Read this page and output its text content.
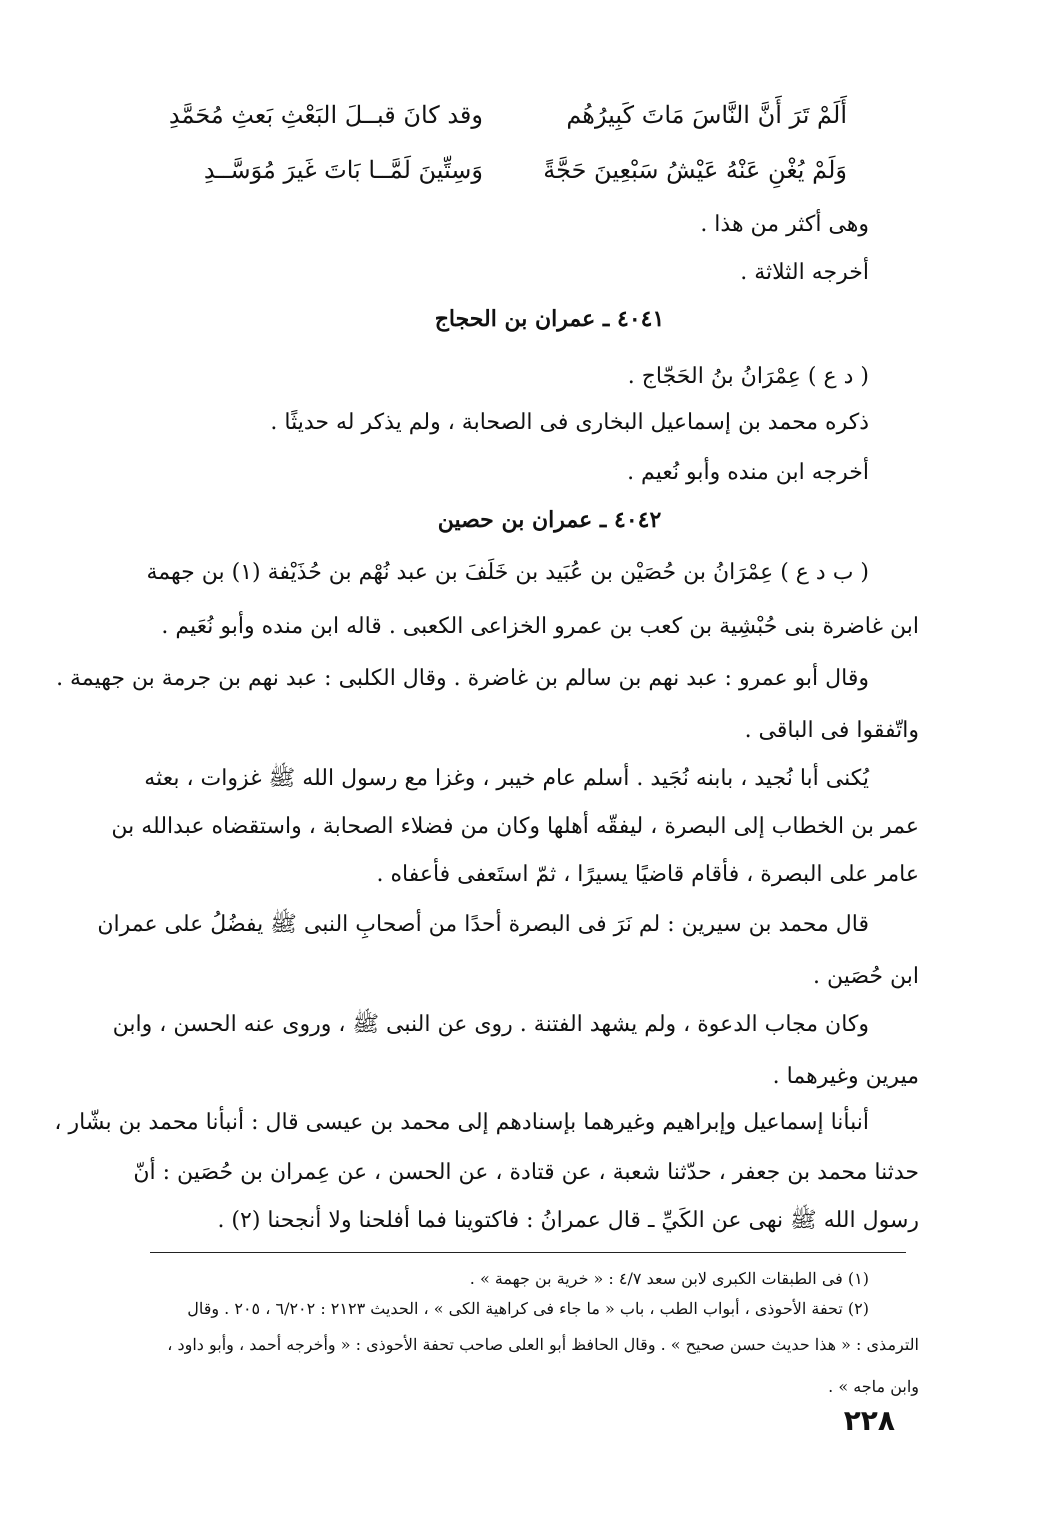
أَلَمْ تَرَ أَنَّ النَّاسَ مَاتَ كَبِيرُهُم
وقد كانَ قبــلَ البَعْثِ بَعثِ مُحَمَّدِ
وَلَمْ يُغْنِ عَنْهُ عَيْشُ سَبْعِينَ حَجَّةً
وَسِتِّينَ لَمَّــا بَاتَ غَيرَ مُوَسَّــدِ
وهى أكثر من هذا .
أخرجه الثلاثة .
٤٠٤١ ـ عمران بن الحجاج
( د ع ) عِمْرَانُ بنُ الحَجّاج .
ذكره محمد بن إسماعيل البخارى فى الصحابة ، ولم يذكر له حديثًا .
أخرجه ابن منده وأبو نُعيم .
٤٠٤٢ ـ عمران بن حصين
( ب د ع ) عِمْرَانُ بن حُصَيْن بن عُبَيد بن خَلَفَ بن عبد نُهْم بن حُذَيْفة (١) بن جهمة
ابن غاضرة بنى حُبْشِية بن كعب بن عمرو الخزاعى الكعبى . قاله ابن منده وأبو نُعَيم .
وقال أبو عمرو : عبد نهم بن سالم بن غاضرة . وقال الكلبى : عبد نهم بن جرمة بن جهيمة .
واتّفقوا فى الباقى .
يُكنى أبا نُجيد ، بابنه نُجَيد . أسلم عام خيبر ، وغزا مع رسول الله ﷺ غزوات ، بعثه
عمر بن الخطاب إلى البصرة ، ليفقّه أهلها وكان من فضلاء الصحابة ، واستقضاه عبدالله بن
عامر على البصرة ، فأقام قاضيًا يسيرًا ، ثمّ استَعفى فأعفاه .
قال محمد بن سيرين : لم نَرَ فى البصرة أحدًا من أصحابِ النبى ﷺ يفضُلُ على عمران
ابن حُصَين .
وكان مجاب الدعوة ، ولم يشهد الفتنة . روى عن النبى ﷺ ، وروى عنه الحسن ، وابن
ميرين وغيرهما .
أنبأنا إسماعيل وإبراهيم وغيرهما بإسنادهم إلى محمد بن عيسى قال : أنبأنا محمد بن بشّار ،
حدثنا محمد بن جعفر ، حدّثنا شعبة ، عن قتادة ، عن الحسن ، عن عِمران بن حُصَين : أنّ
رسول الله ﷺ نهى عن الكَيِّ ـ قال عمرانُ : فاكتوينا فما أفلحنا ولا أنجحنا (٢) .
(١) فى الطبقات الكبرى لابن سعد ٤/٧ : « خرية بن جهمة » .
(٢) تحفة الأحوذى ، أبواب الطب ، باب « ما جاء فى كراهية الكى » ، الحديث ٢١٢٣ : ٦/٢٠٢ ، ٢٠٥ . وقال
الترمذى : « هذا حديث حسن صحيح » . وقال الحافظ أبو العلى صاحب تحفة الأحوذى : « وأخرجه أحمد ، وأبو داود ،
وابن ماجه » .
٢٢٨
